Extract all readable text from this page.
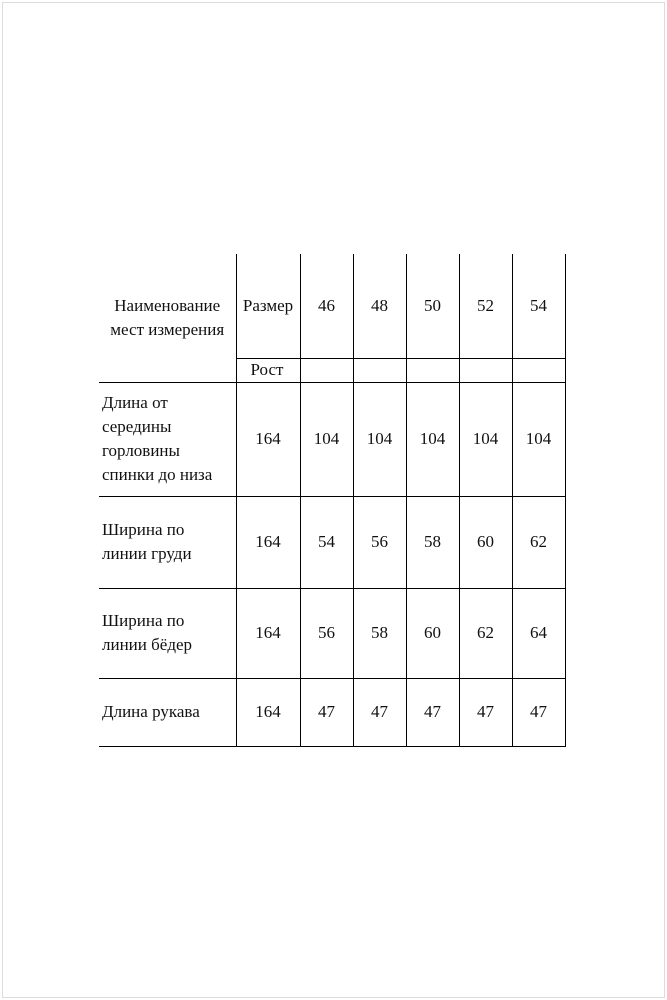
Наименование
мест измерения	Размер	46	48	50	52	54
	Рост					

Длина от
середины
горловины
спинки до низа	164	104	104	104	104	104

Ширина по
линии груди	164	54	56	58	60	62

Ширина по
линии бёдер	164	56	58	60	62	64

Длина рукава	164	47	47	47	47	47
